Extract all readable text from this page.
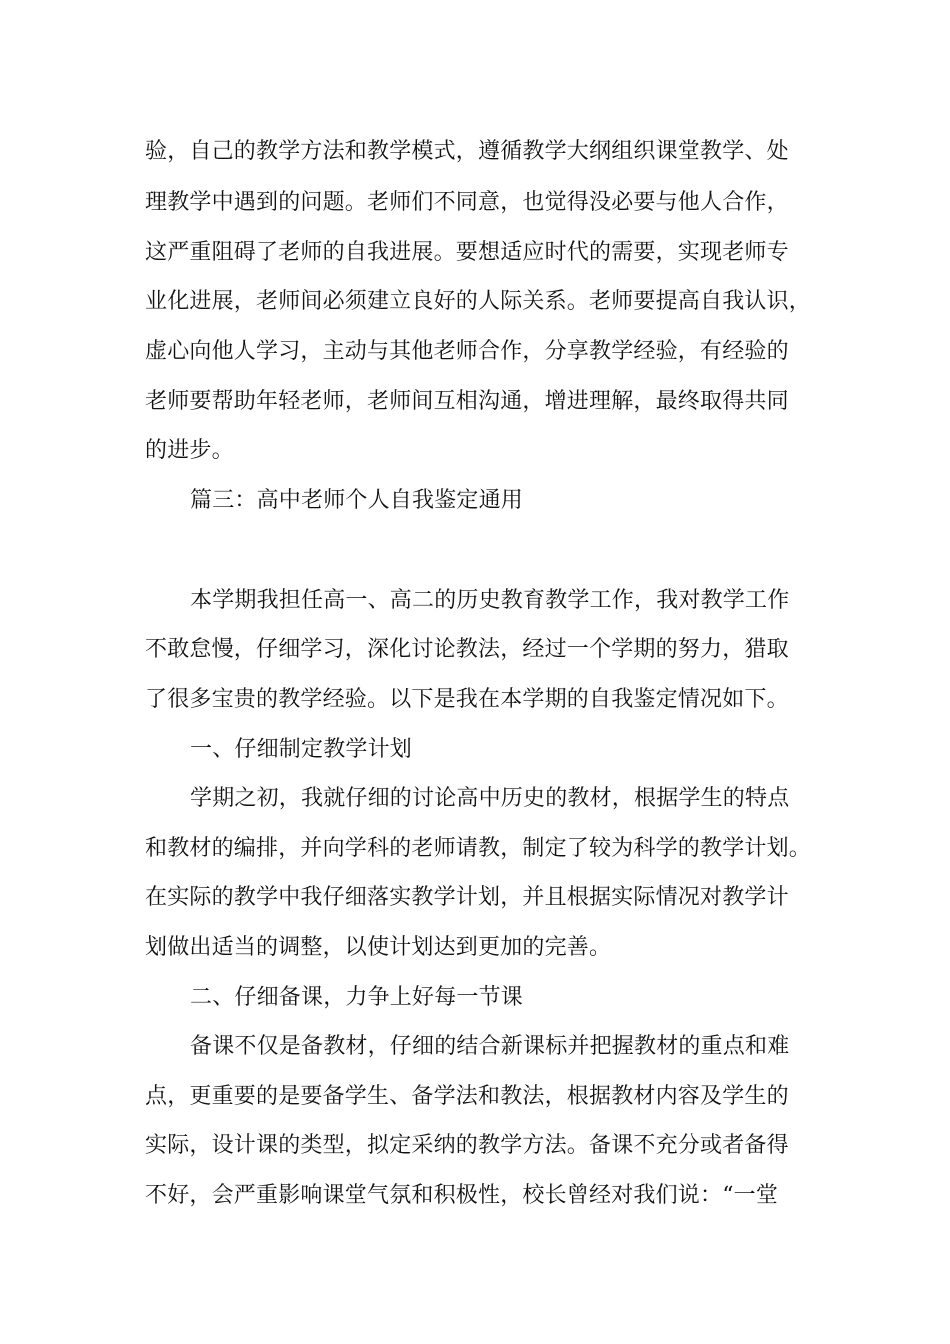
验，自己的教学方法和教学模式，遵循教学大纲组织课堂教学、处
理教学中遇到的问题。老师们不同意，也觉得没必要与他人合作，
这严重阻碍了老师的自我进展。要想适应时代的需要，实现老师专
业化进展，老师间必须建立良好的人际关系。老师要提高自我认识，
虚心向他人学习，主动与其他老师合作，分享教学经验，有经验的
老师要帮助年轻老师，老师间互相沟通，增进理解，最终取得共同
的进步。
篇三：高中老师个人自我鉴定通用
本学期我担任高一、高二的历史教育教学工作，我对教学工作
不敢怠慢，仔细学习，深化讨论教法，经过一个学期的努力，猎取
了很多宝贵的教学经验。以下是我在本学期的自我鉴定情况如下。
一、仔细制定教学计划
学期之初，我就仔细的讨论高中历史的教材，根据学生的特点
和教材的编排，并向学科的老师请教，制定了较为科学的教学计划。
在实际的教学中我仔细落实教学计划，并且根据实际情况对教学计
划做出适当的调整，以使计划达到更加的完善。
二、仔细备课，力争上好每一节课
备课不仅是备教材，仔细的结合新课标并把握教材的重点和难
点，更重要的是要备学生、备学法和教法，根据教材内容及学生的
实际，设计课的类型，拟定采纳的教学方法。备课不充分或者备得
不好，会严重影响课堂气氛和积极性，校长曾经对我们说：“一堂
